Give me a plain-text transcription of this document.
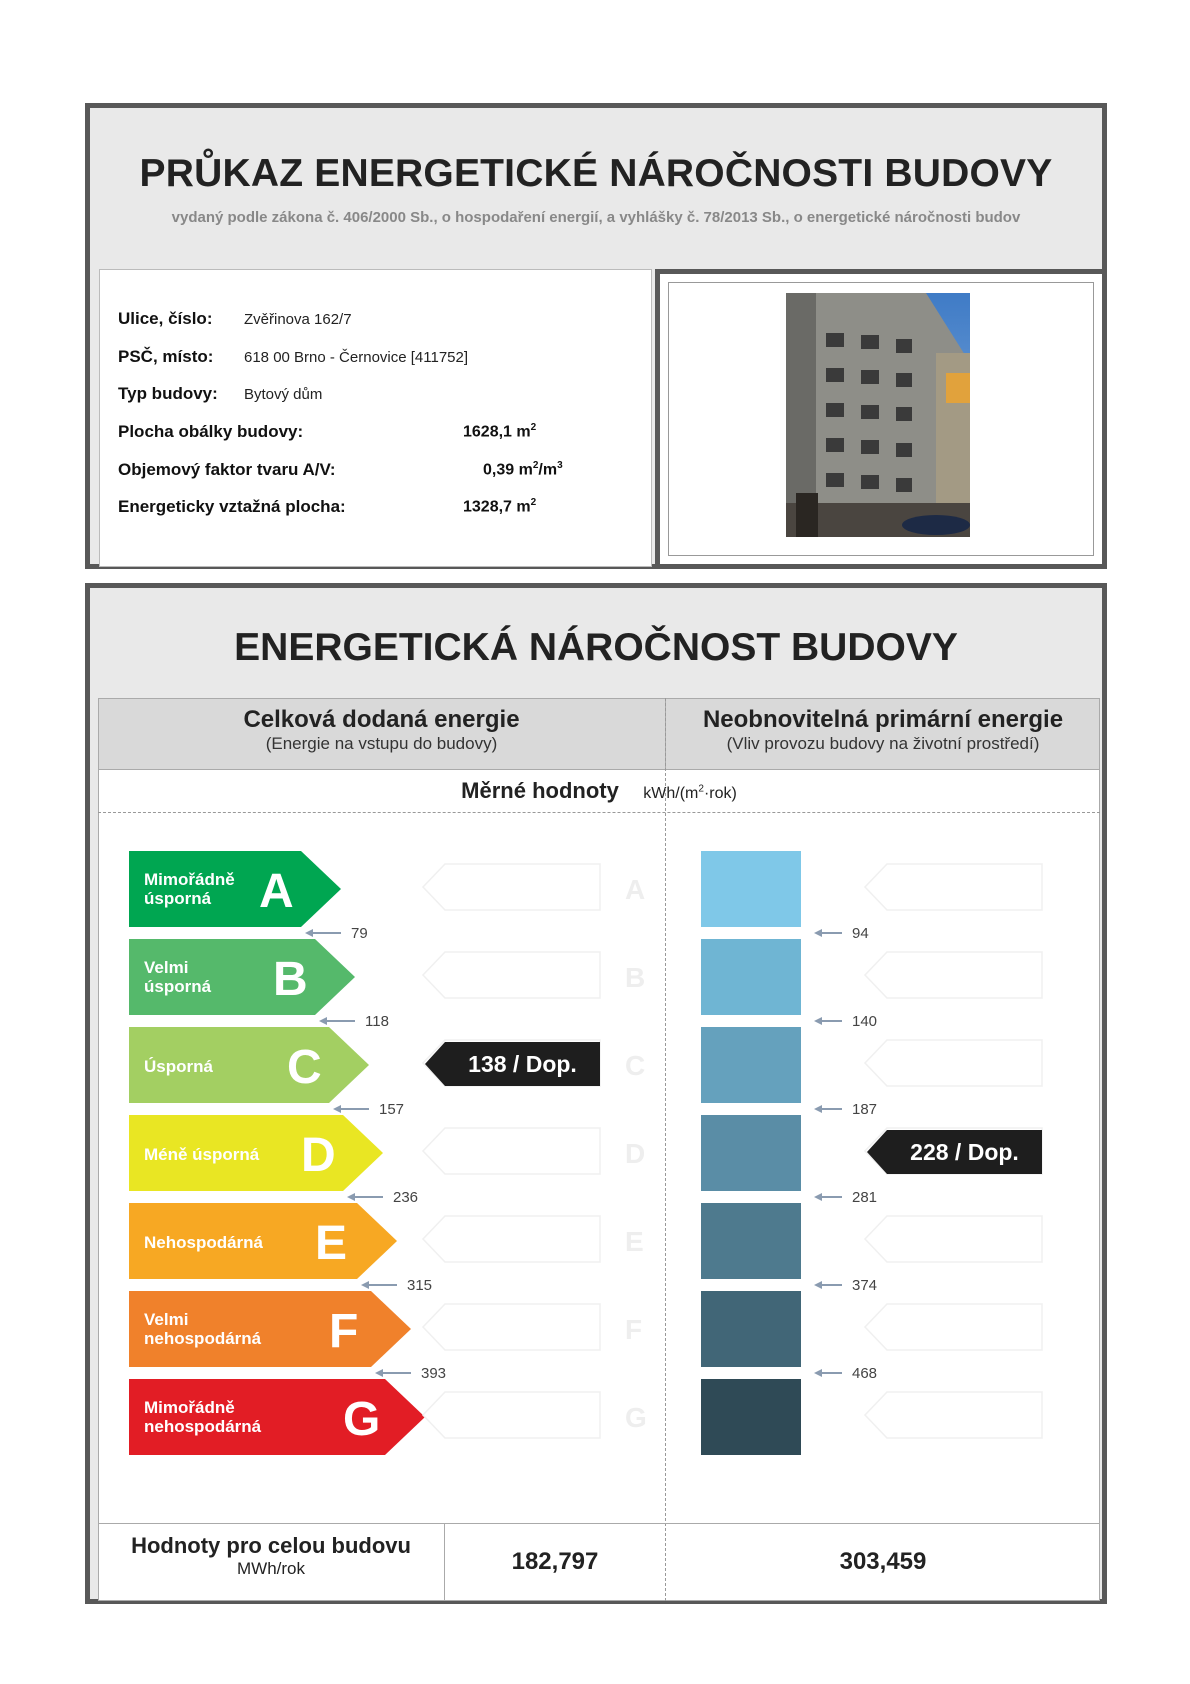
PRŮKAZ ENERGETICKÉ NÁROČNOSTI BUDOVY
vydaný podle zákona č. 406/2000 Sb., o hospodaření energií, a vyhlášky č. 78/2013 Sb., o energetické náročnosti budov
Ulice, číslo: Zvěřinova 162/7
PSČ, místo: 618 00 Brno - Černovice [411752]
Typ budovy: Bytový dům
Plocha obálky budovy:	1628,1 $m^2$
Objemový faktor tvaru A/V:	0,39 $m^2/m^3$
Energeticky vztažná plocha:	1328,7 $m^2$
ENERGETICKÁ NÁROČNOST BUDOVY
Celková dodaná energie
(Energie na vstupu do budovy)
Neobnovitelná primární energie
(Vliv provozu budovy na životní prostředí)
Měrné hodnoty kWh/$(m^2\cdot rok)$
Hodnoty pro celou budovu
MWh/rok	182,797	303,459
Mimořádně
úsporná A	A
Velmi
úsporná B	B
Úsporná C	C
Méně úsporná D	D
Nehospodárná E	E
Velmi
nehospodárná F	F
Mimořádně
nehospodárná G	G
79
118
157
236
315
393
94
140
187
281
374
468
138 / Dop.
228 / Dop.
